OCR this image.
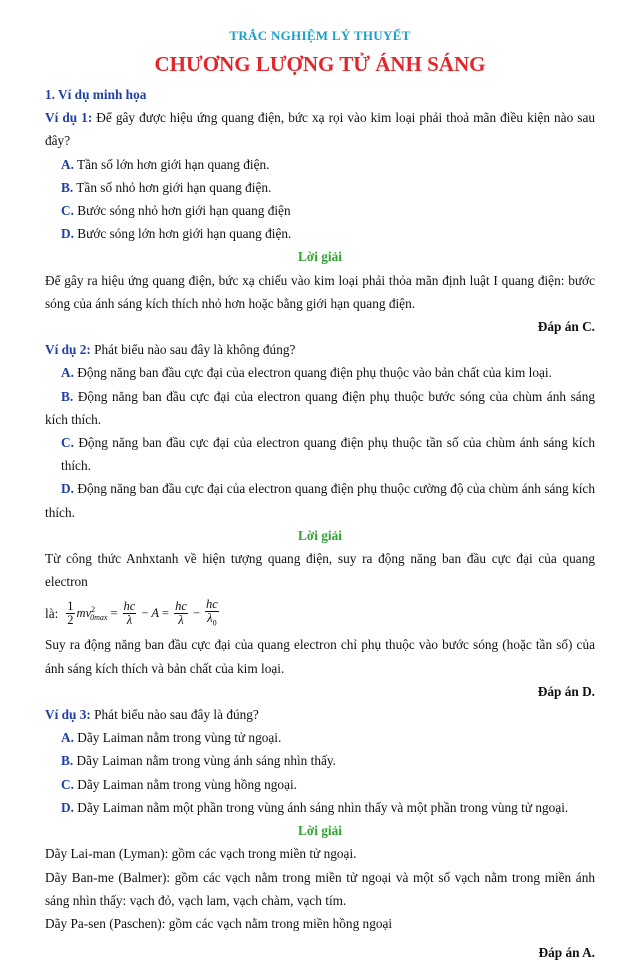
TRẮC NGHIỆM LÝ THUYẾT
CHƯƠNG LƯỢNG TỬ ÁNH SÁNG
1. Ví dụ minh họa
Ví dụ 1: Để gây được hiệu ứng quang điện, bức xạ rọi vào kim loại phải thoả mãn điều kiện nào sau đây?
A. Tần số lớn hơn giới hạn quang điện.
B. Tần số nhỏ hơn giới hạn quang điện.
C. Bước sóng nhỏ hơn giới hạn quang điện
D. Bước sóng lớn hơn giới hạn quang điện.
Lời giải
Để gây ra hiệu ứng quang điện, bức xạ chiếu vào kim loại phải thỏa mãn định luật I quang điện: bước sóng của ánh sáng kích thích nhỏ hơn hoặc bằng giới hạn quang điện.
Đáp án C.
Ví dụ 2: Phát biểu nào sau đây là không đúng?
A. Động năng ban đầu cực đại của electron quang điện phụ thuộc vào bản chất của kim loại.
B. Động năng ban đầu cực đại của electron quang điện phụ thuộc bước sóng của chùm ánh sáng kích thích.
C. Động năng ban đầu cực đại của electron quang điện phụ thuộc tần số của chùm ánh sáng kích thích.
D. Động năng ban đầu cực đại của electron quang điện phụ thuộc cường độ của chùm ánh sáng kích thích.
Lời giải
Từ công thức Anhxtanh về hiện tượng quang điện, suy ra động năng ban đầu cực đại của quang electron
là: $\frac{1}{2} mv^2_{0max} = \frac{hc}{\lambda} - A = \frac{hc}{\lambda} - \frac{hc}{\lambda_0}$
Suy ra động năng ban đầu cực đại của quang electron chỉ phụ thuộc vào bước sóng (hoặc tần số) của ánh sáng kích thích và bản chất của kim loại.
Đáp án D.
Ví dụ 3: Phát biểu nào sau đây là đúng?
A. Dãy Laiman nằm trong vùng tử ngoại.
B. Dãy Laiman nằm trong vùng ánh sáng nhìn thấy.
C. Dãy Laiman nằm trong vùng hồng ngoại.
D. Dãy Laiman nằm một phần trong vùng ánh sáng nhìn thấy và một phần trong vùng tử ngoại.
Lời giải
Dãy Lai-man (Lyman): gồm các vạch trong miền tử ngoại.
Dãy Ban-me (Balmer): gồm các vạch nằm trong miền tử ngoại và một số vạch nằm trong miền ánh sáng nhìn thấy: vạch đỏ, vạch lam, vạch chàm, vạch tím.
Dãy Pa-sen (Paschen): gồm các vạch nằm trong miền hồng ngoại
Đáp án A.
